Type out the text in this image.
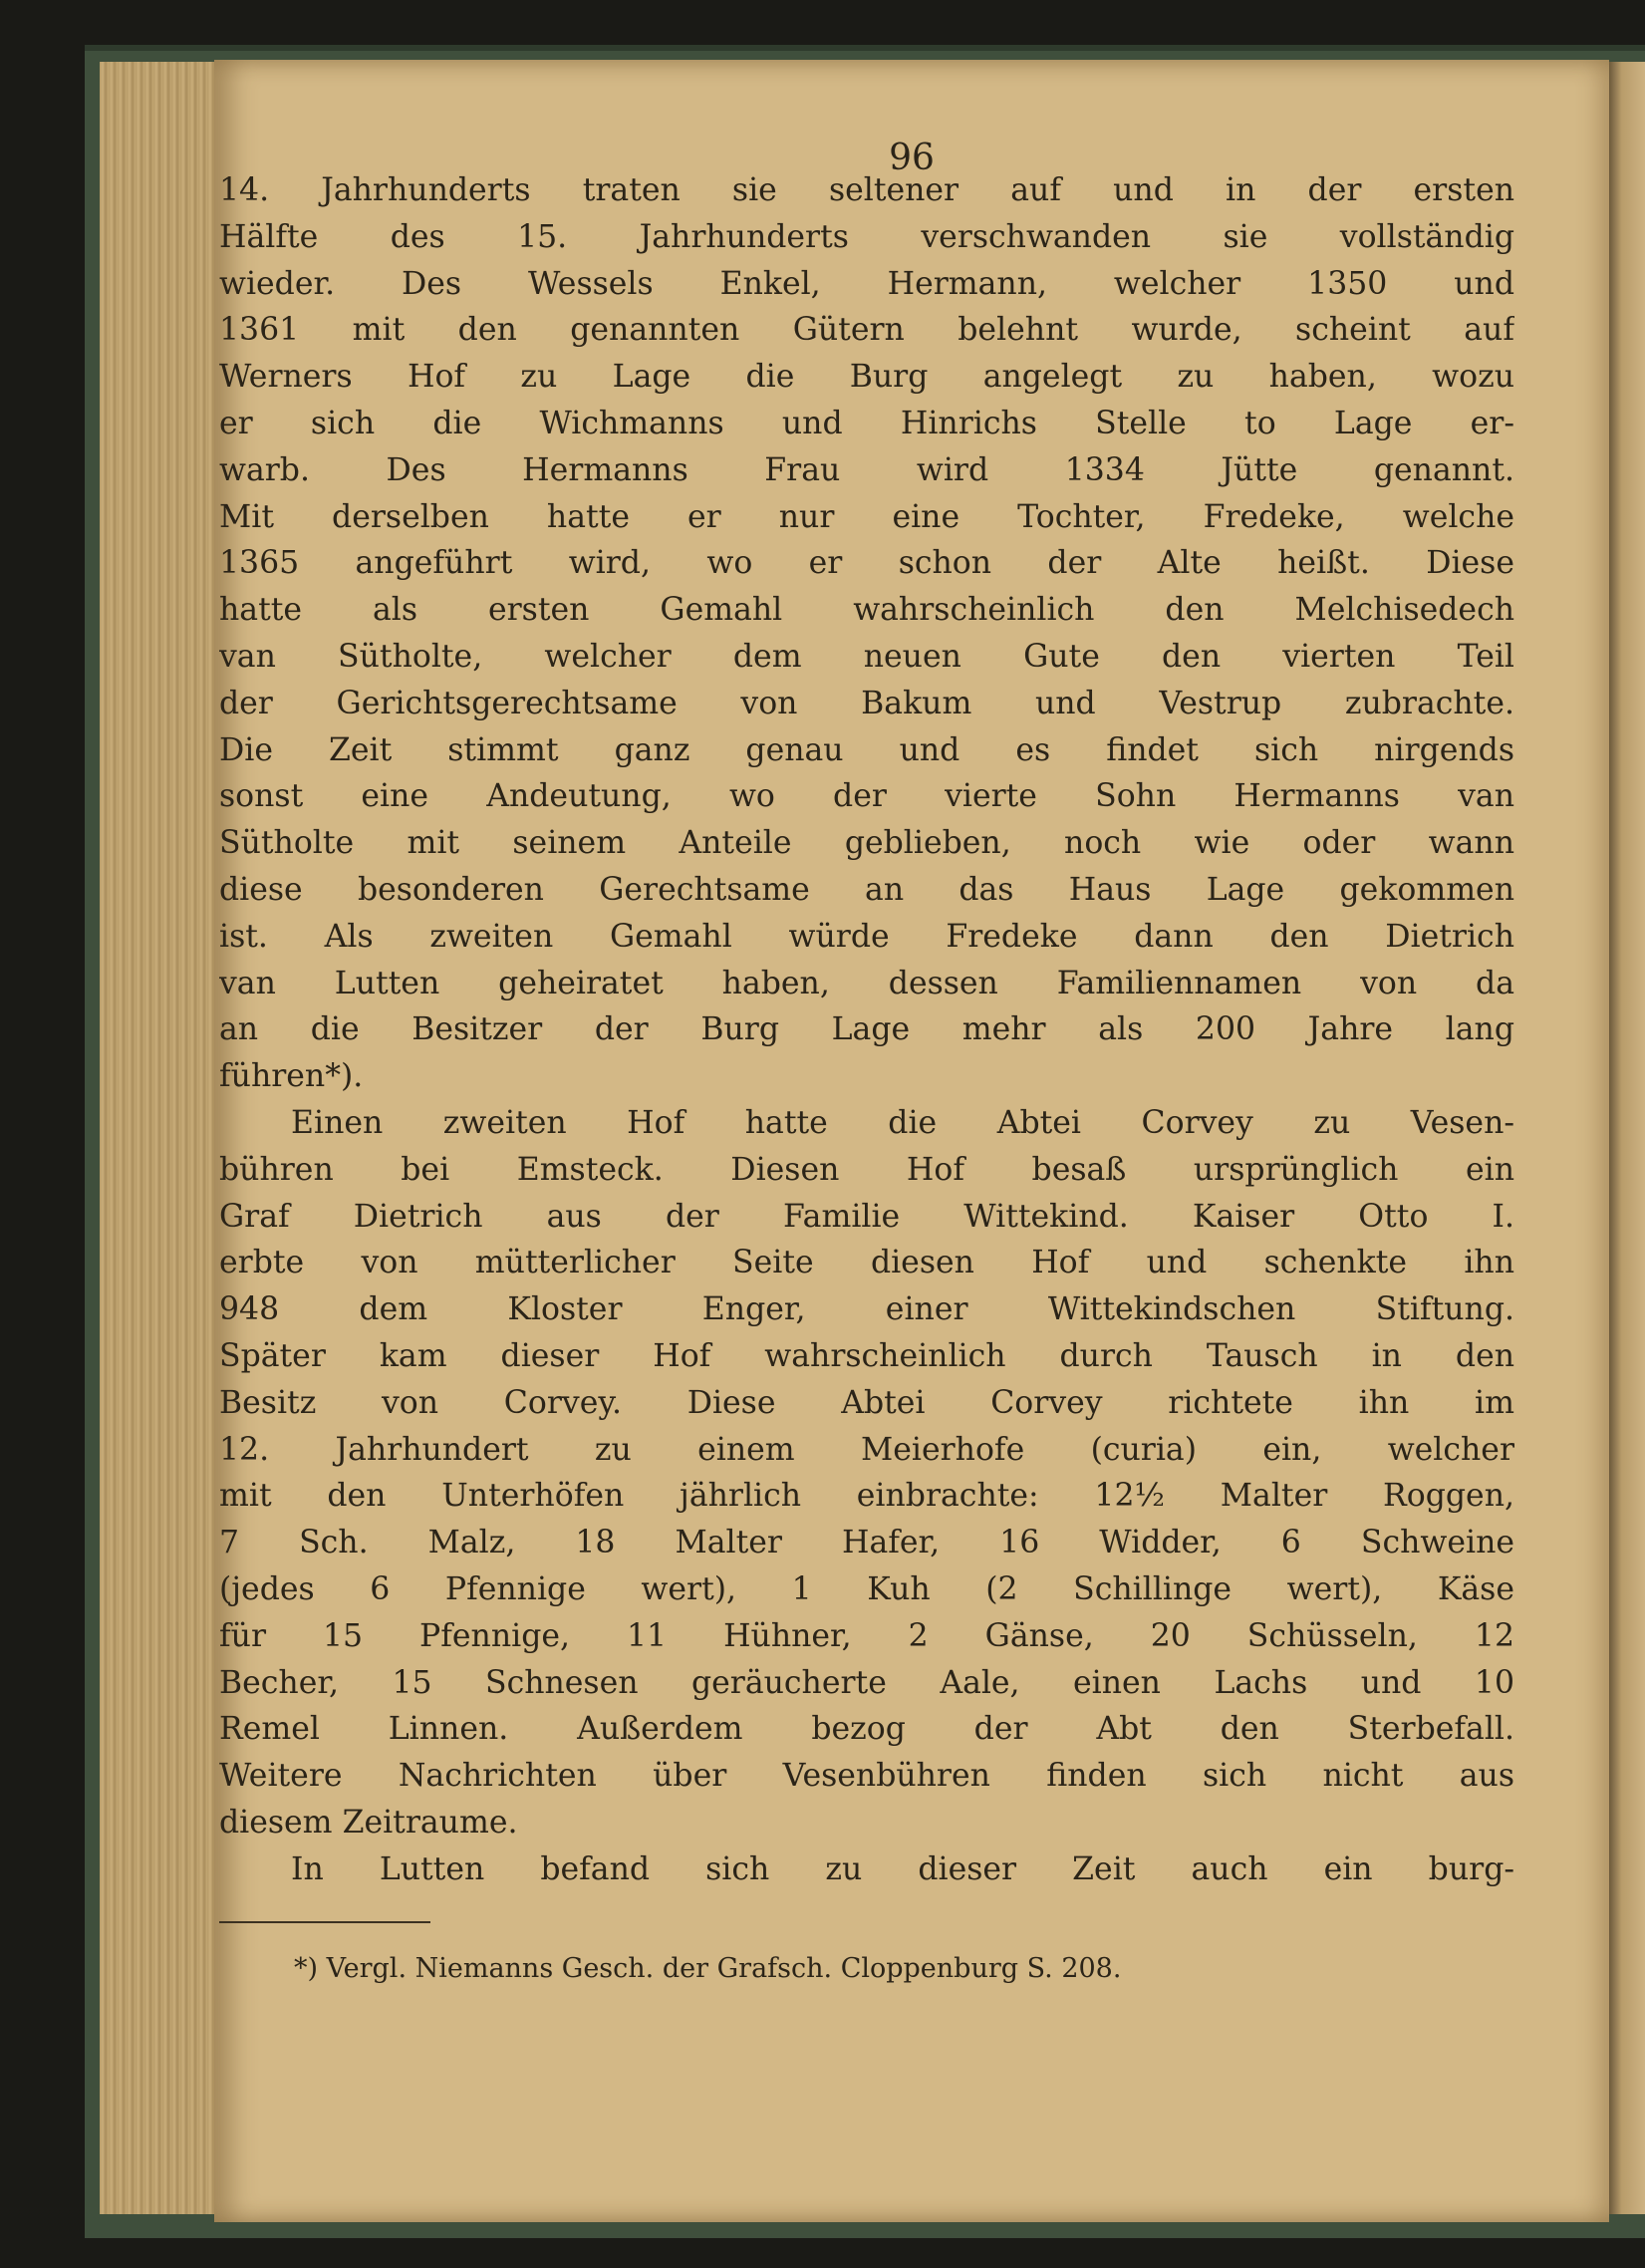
96
14. Jahrhunderts traten sie seltener auf und in der ersten
Hälfte des 15. Jahrhunderts verschwanden sie vollständig
wieder. Des Wessels Enkel, Hermann, welcher 1350 und
1361 mit den genannten Gütern belehnt wurde, scheint auf
Werners Hof zu Lage die Burg angelegt zu haben, wozu
er sich die Wichmanns und Hinrichs Stelle to Lage er-
warb. Des Hermanns Frau wird 1334 Jütte genannt.
Mit derselben hatte er nur eine Tochter, Fredeke, welche
1365 angeführt wird, wo er schon der Alte heißt. Diese
hatte als ersten Gemahl wahrscheinlich den Melchisedech
van Sütholte, welcher dem neuen Gute den vierten Teil
der Gerichtsgerechtsame von Bakum und Vestrup zubrachte.
Die Zeit stimmt ganz genau und es findet sich nirgends
sonst eine Andeutung, wo der vierte Sohn Hermanns van
Sütholte mit seinem Anteile geblieben, noch wie oder wann
diese besonderen Gerechtsame an das Haus Lage gekommen
ist. Als zweiten Gemahl würde Fredeke dann den Dietrich
van Lutten geheiratet haben, dessen Familiennamen von da
an die Besitzer der Burg Lage mehr als 200 Jahre lang
führen*).
Einen zweiten Hof hatte die Abtei Corvey zu Vesen-
bühren bei Emsteck. Diesen Hof besaß ursprünglich ein
Graf Dietrich aus der Familie Wittekind. Kaiser Otto I.
erbte von mütterlicher Seite diesen Hof und schenkte ihn
948 dem Kloster Enger, einer Wittekindschen Stiftung.
Später kam dieser Hof wahrscheinlich durch Tausch in den
Besitz von Corvey. Diese Abtei Corvey richtete ihn im
12. Jahrhundert zu einem Meierhofe (curia) ein, welcher
mit den Unterhöfen jährlich einbrachte: 12½ Malter Roggen,
7 Sch. Malz, 18 Malter Hafer, 16 Widder, 6 Schweine
(jedes 6 Pfennige wert), 1 Kuh (2 Schillinge wert), Käse
für 15 Pfennige, 11 Hühner, 2 Gänse, 20 Schüsseln, 12
Becher, 15 Schnesen geräucherte Aale, einen Lachs und 10
Remel Linnen. Außerdem bezog der Abt den Sterbefall.
Weitere Nachrichten über Vesenbühren finden sich nicht aus
diesem Zeitraume.
In Lutten befand sich zu dieser Zeit auch ein burg-
*) Vergl. Niemanns Gesch. der Grafsch. Cloppenburg S. 208.
